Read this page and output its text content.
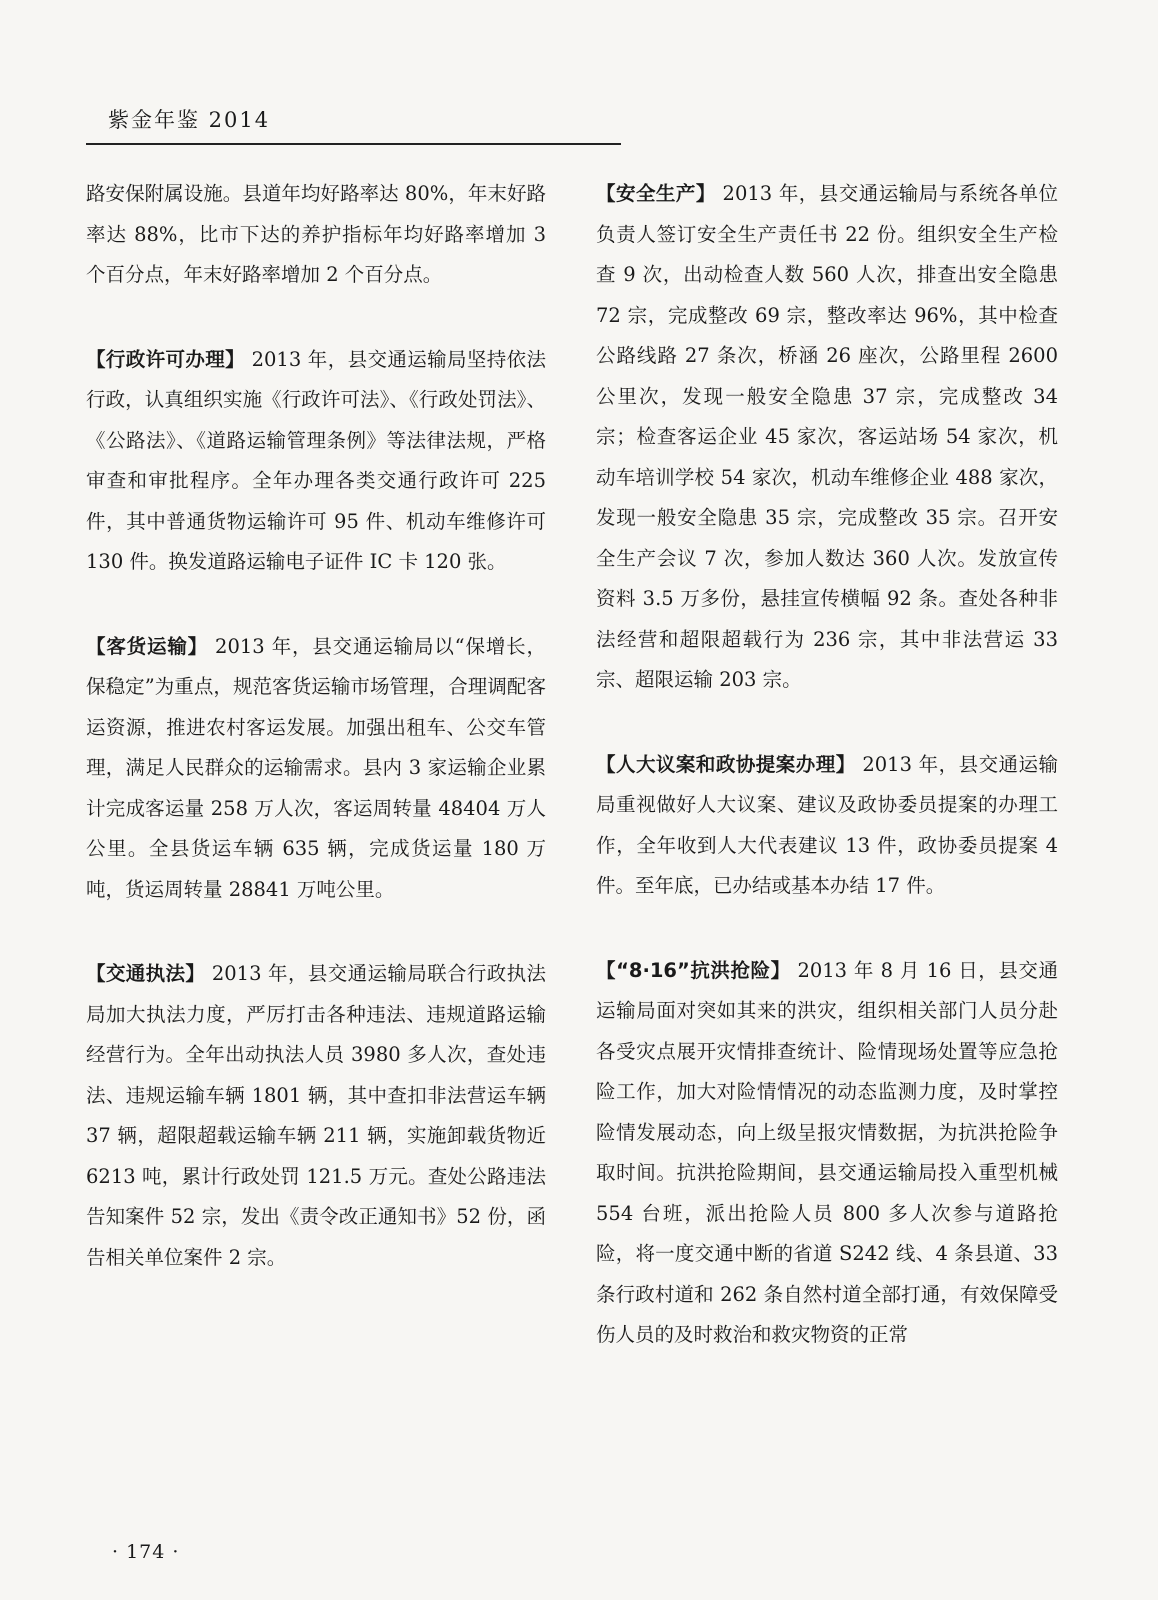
紫金年鉴 2014

路安保附属设施。县道年均好路率达 80%，年末好路率达 88%，比市下达的养护指标年均好路率增加 3 个百分点，年末好路率增加 2 个百分点。

【行政许可办理】 2013 年，县交通运输局坚持依法行政，认真组织实施《行政许可法》、《行政处罚法》、《公路法》、《道路运输管理条例》等法律法规，严格审查和审批程序。全年办理各类交通行政许可 225 件，其中普通货物运输许可 95 件、机动车维修许可 130 件。换发道路运输电子证件 IC 卡 120 张。

【客货运输】 2013 年，县交通运输局以“保增长，保稳定”为重点，规范客货运输市场管理，合理调配客运资源，推进农村客运发展。加强出租车、公交车管理，满足人民群众的运输需求。县内 3 家运输企业累计完成客运量 258 万人次，客运周转量 48404 万人公里。全县货运车辆 635 辆，完成货运量 180 万吨，货运周转量 28841 万吨公里。

【交通执法】 2013 年，县交通运输局联合行政执法局加大执法力度，严厉打击各种违法、违规道路运输经营行为。全年出动执法人员 3980 多人次，查处违法、违规运输车辆 1801 辆，其中查扣非法营运车辆 37 辆，超限超载运输车辆 211 辆，实施卸载货物近 6213 吨，累计行政处罚 121.5 万元。查处公路违法告知案件 52 宗，发出《责令改正通知书》52 份，函告相关单位案件 2 宗。

【安全生产】 2013 年，县交通运输局与系统各单位负责人签订安全生产责任书 22 份。组织安全生产检查 9 次，出动检查人数 560 人次，排查出安全隐患 72 宗，完成整改 69 宗，整改率达 96%，其中检查公路线路 27 条次，桥涵 26 座次，公路里程 2600 公里次，发现一般安全隐患 37 宗，完成整改 34 宗；检查客运企业 45 家次，客运站场 54 家次，机动车培训学校 54 家次，机动车维修企业 488 家次，发现一般安全隐患 35 宗，完成整改 35 宗。召开安全生产会议 7 次，参加人数达 360 人次。发放宣传资料 3.5 万多份，悬挂宣传横幅 92 条。查处各种非法经营和超限超载行为 236 宗，其中非法营运 33 宗、超限运输 203 宗。

【人大议案和政协提案办理】 2013 年，县交通运输局重视做好人大议案、建议及政协委员提案的办理工作，全年收到人大代表建议 13 件，政协委员提案 4 件。至年底，已办结或基本办结 17 件。

【“8·16”抗洪抢险】 2013 年 8 月 16 日，县交通运输局面对突如其来的洪灾，组织相关部门人员分赴各受灾点展开灾情排查统计、险情现场处置等应急抢险工作，加大对险情情况的动态监测力度，及时掌控险情发展动态，向上级呈报灾情数据，为抗洪抢险争取时间。抗洪抢险期间，县交通运输局投入重型机械 554 台班，派出抢险人员 800 多人次参与道路抢险，将一度交通中断的省道 S242 线、4 条县道、33 条行政村道和 262 条自然村道全部打通，有效保障受伤人员的及时救治和救灾物资的正常

· 174 ·
